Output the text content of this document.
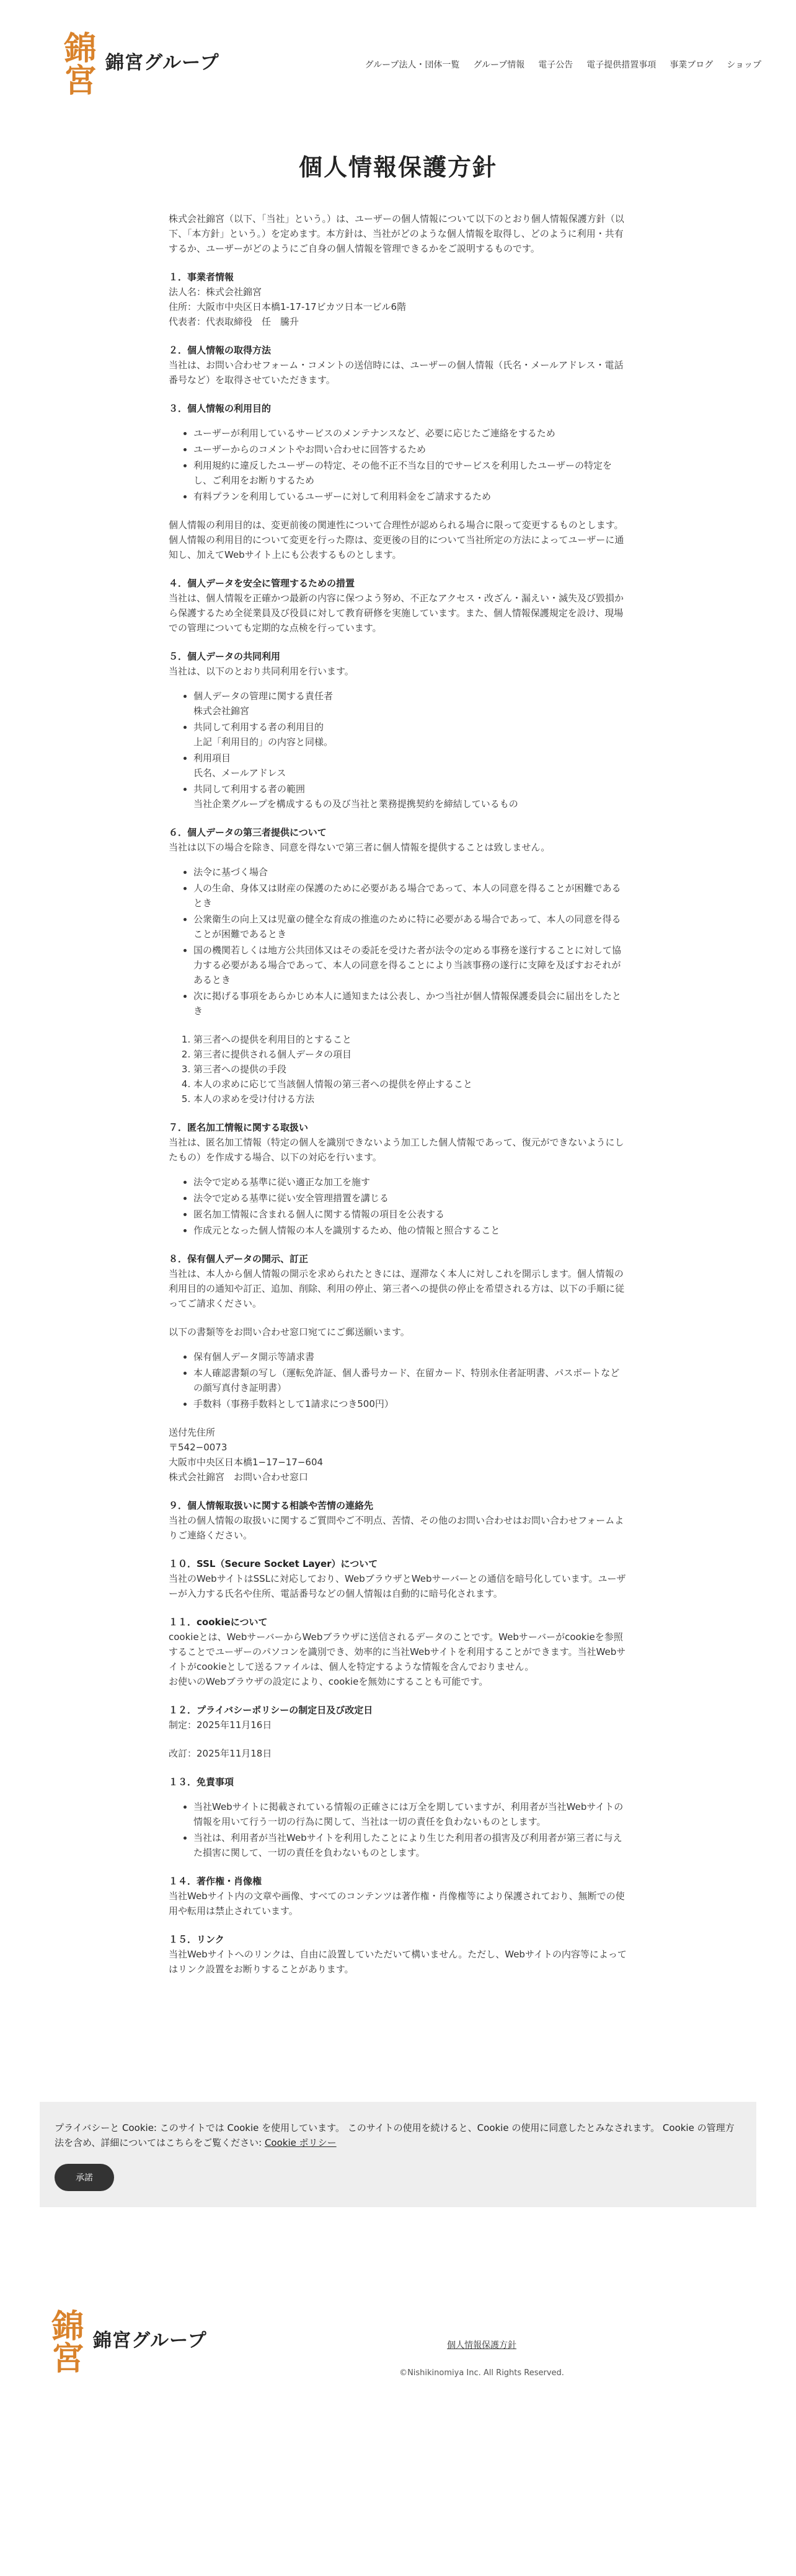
錦宮 錦宮グループ	グループ法人・団体一覧 グループ情報 電子公告 電子提供措置事項 事業ブログ ショップ
個人情報保護方針

株式会社錦宮（以下、「当社」という。）は、ユーザーの個人情報について以下のとおり個人情報保護方針（以下、「本方針」という。）を定めます。本方針は、当社がどのような個人情報を取得し、どのように利用・共有するか、ユーザーがどのようにご自身の個人情報を管理できるかをご説明するものです。

１．事業者情報

法人名：株式会社錦宮

住所：大阪市中央区日本橋1-17-17ビカツ日本一ビル6階

代表者：代表取締役　任　騰升

２．個人情報の取得方法

当社は、お問い合わせフォーム・コメントの送信時には、ユーザーの個人情報（氏名・メールアドレス・電話番号など）を取得させていただきます。

３．個人情報の利用目的

• ユーザーが利用しているサービスのメンテナンスなど、必要に応じたご連絡をするため
• ユーザーからのコメントやお問い合わせに回答するため
• 利用規約に違反したユーザーの特定、その他不正不当な目的でサービスを利用したユーザーの特定をし、ご利用をお断りするため
• 有料プランを利用しているユーザーに対して利用料金をご請求するため

個人情報の利用目的は、変更前後の関連性について合理性が認められる場合に限って変更するものとします。

個人情報の利用目的について変更を行った際は、変更後の目的について当社所定の方法によってユーザーに通知し、加えてWebサイト上にも公表するものとします。

４．個人データを安全に管理するための措置

当社は、個人情報を正確かつ最新の内容に保つよう努め、不正なアクセス・改ざん・漏えい・滅失及び毀損から保護するため全従業員及び役員に対して教育研修を実施しています。また、個人情報保護規定を設け、現場での管理についても定期的な点検を行っています。

５．個人データの共同利用

当社は、以下のとおり共同利用を行います。

• 個人データの管理に関する責任者
株式会社錦宮
• 共同して利用する者の利用目的
上記「利用目的」の内容と同様。
• 利用項目
氏名、メールアドレス
• 共同して利用する者の範囲
当社企業グループを構成するもの及び当社と業務提携契約を締結しているもの

６．個人データの第三者提供について

当社は以下の場合を除き、同意を得ないで第三者に個人情報を提供することは致しません。

• 法令に基づく場合
• 人の生命、身体又は財産の保護のために必要がある場合であって、本人の同意を得ることが困難であるとき
• 公衆衛生の向上又は児童の健全な育成の推進のために特に必要がある場合であって、本人の同意を得ることが困難であるとき
• 国の機関若しくは地方公共団体又はその委託を受けた者が法令の定める事務を遂行することに対して協力する必要がある場合であって、本人の同意を得ることにより当該事務の遂行に支障を及ぼすおそれがあるとき
• 次に掲げる事項をあらかじめ本人に通知または公表し、かつ当社が個人情報保護委員会に届出をしたとき
1. 第三者への提供を利用目的とすること
2. 第三者に提供される個人データの項目
3. 第三者への提供の手段
4. 本人の求めに応じて当該個人情報の第三者への提供を停止すること
5. 本人の求めを受け付ける方法

７．匿名加工情報に関する取扱い

当社は、匿名加工情報（特定の個人を識別できないよう加工した個人情報であって、復元ができないようにしたもの）を作成する場合、以下の対応を行います。

• 法令で定める基準に従い適正な加工を施す
• 法令で定める基準に従い安全管理措置を講じる
• 匿名加工情報に含まれる個人に関する情報の項目を公表する
• 作成元となった個人情報の本人を識別するため、他の情報と照合すること

８．保有個人データの開示、訂正

当社は、本人から個人情報の開示を求められたときには、遅滞なく本人に対しこれを開示します。個人情報の利用目的の通知や訂正、追加、削除、利用の停止、第三者への提供の停止を希望される方は、以下の手順に従ってご請求ください。

以下の書類等をお問い合わせ窓口宛てにご郵送願います。

• 保有個人データ開示等請求書
• 本人確認書類の写し（運転免許証、個人番号カード、在留カード、特別永住者証明書、パスポートなどの顔写真付き証明書）
• 手数料（事務手数料として1請求につき500円）

送付先住所

〒542−0073

大阪市中央区日本橋1−17−17−604

株式会社錦宮　お問い合わせ窓口

９．個人情報取扱いに関する相談や苦情の連絡先

当社の個人情報の取扱いに関するご質問やご不明点、苦情、その他のお問い合わせはお問い合わせフォームよりご連絡ください。

１０．SSL（Secure Socket Layer）について

当社のWebサイトはSSLに対応しており、WebブラウザとWebサーバーとの通信を暗号化しています。ユーザーが入力する氏名や住所、電話番号などの個人情報は自動的に暗号化されます。

１１．cookieについて

cookieとは、WebサーバーからWebブラウザに送信されるデータのことです。Webサーバーがcookieを参照することでユーザーのパソコンを識別でき、効率的に当社Webサイトを利用することができます。当社Webサイトがcookieとして送るファイルは、個人を特定するような情報を含んでおりません。

お使いのWebブラウザの設定により、cookieを無効にすることも可能です。

１２．プライバシーポリシーの制定日及び改定日

制定：2025年11月16日

改訂：2025年11月18日

１３．免責事項

• 当社Webサイトに掲載されている情報の正確さには万全を期していますが、利用者が当社Webサイトの情報を用いて行う一切の行為に関して、当社は一切の責任を負わないものとします。
• 当社は、利用者が当社Webサイトを利用したことにより生じた利用者の損害及び利用者が第三者に与えた損害に関して、一切の責任を負わないものとします。

１４．著作権・肖像権

当社Webサイト内の文章や画像、すべてのコンテンツは著作権・肖像権等により保護されており、無断での使用や転用は禁止されています。

１５．リンク

当社Webサイトへのリンクは、自由に設置していただいて構いません。ただし、Webサイトの内容等によってはリンク設置をお断りすることがあります。

プライバシーと Cookie: このサイトでは Cookie を使用しています。 このサイトの使用を続けると、Cookie の使用に同意したとみなされます。 Cookie の管理方法を含め、詳細についてはこちらをご覧ください: Cookie ポリシー

承諾
錦宮 錦宮グループ	個人情報保護方針

©Nishikinomiya Inc. All Rights Reserved.
